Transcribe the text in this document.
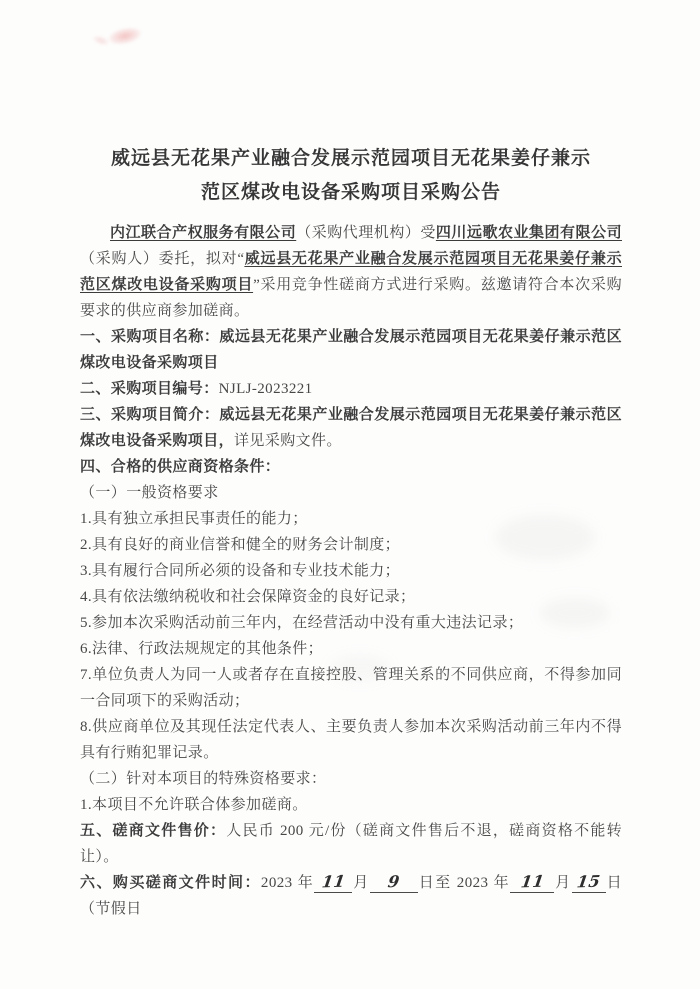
威远县无花果产业融合发展示范园项目无花果姜仔兼示
范区煤改电设备采购项目采购公告

内江联合产权服务有限公司（采购代理机构）受四川远歌农业集团有限公司（采购人）委托，拟对“威远县无花果产业融合发展示范园项目无花果姜仔兼示范区煤改电设备采购项目”采用竞争性磋商方式进行采购。兹邀请符合本次采购要求的供应商参加磋商。

一、采购项目名称：威远县无花果产业融合发展示范园项目无花果姜仔兼示范区煤改电设备采购项目

二、采购项目编号：NJLJ-2023221

三、采购项目简介：威远县无花果产业融合发展示范园项目无花果姜仔兼示范区煤改电设备采购项目，详见采购文件。

四、合格的供应商资格条件：

（一）一般资格要求

1.具有独立承担民事责任的能力；

2.具有良好的商业信誉和健全的财务会计制度；

3.具有履行合同所必须的设备和专业技术能力；

4.具有依法缴纳税收和社会保障资金的良好记录；

5.参加本次采购活动前三年内，在经营活动中没有重大违法记录；

6.法律、行政法规规定的其他条件；

7.单位负责人为同一人或者存在直接控股、管理关系的不同供应商，不得参加同一合同项下的采购活动；

8.供应商单位及其现任法定代表人、主要负责人参加本次采购活动前三年内不得具有行贿犯罪记录。

（二）针对本项目的特殊资格要求：

1.本项目不允许联合体参加磋商。

五、磋商文件售价：人民币 200 元/份（磋商文件售后不退，磋商资格不能转让）。

六、购买磋商文件时间：2023 年 11 月 9 日至 2023 年 11 月 15 日（节假日
